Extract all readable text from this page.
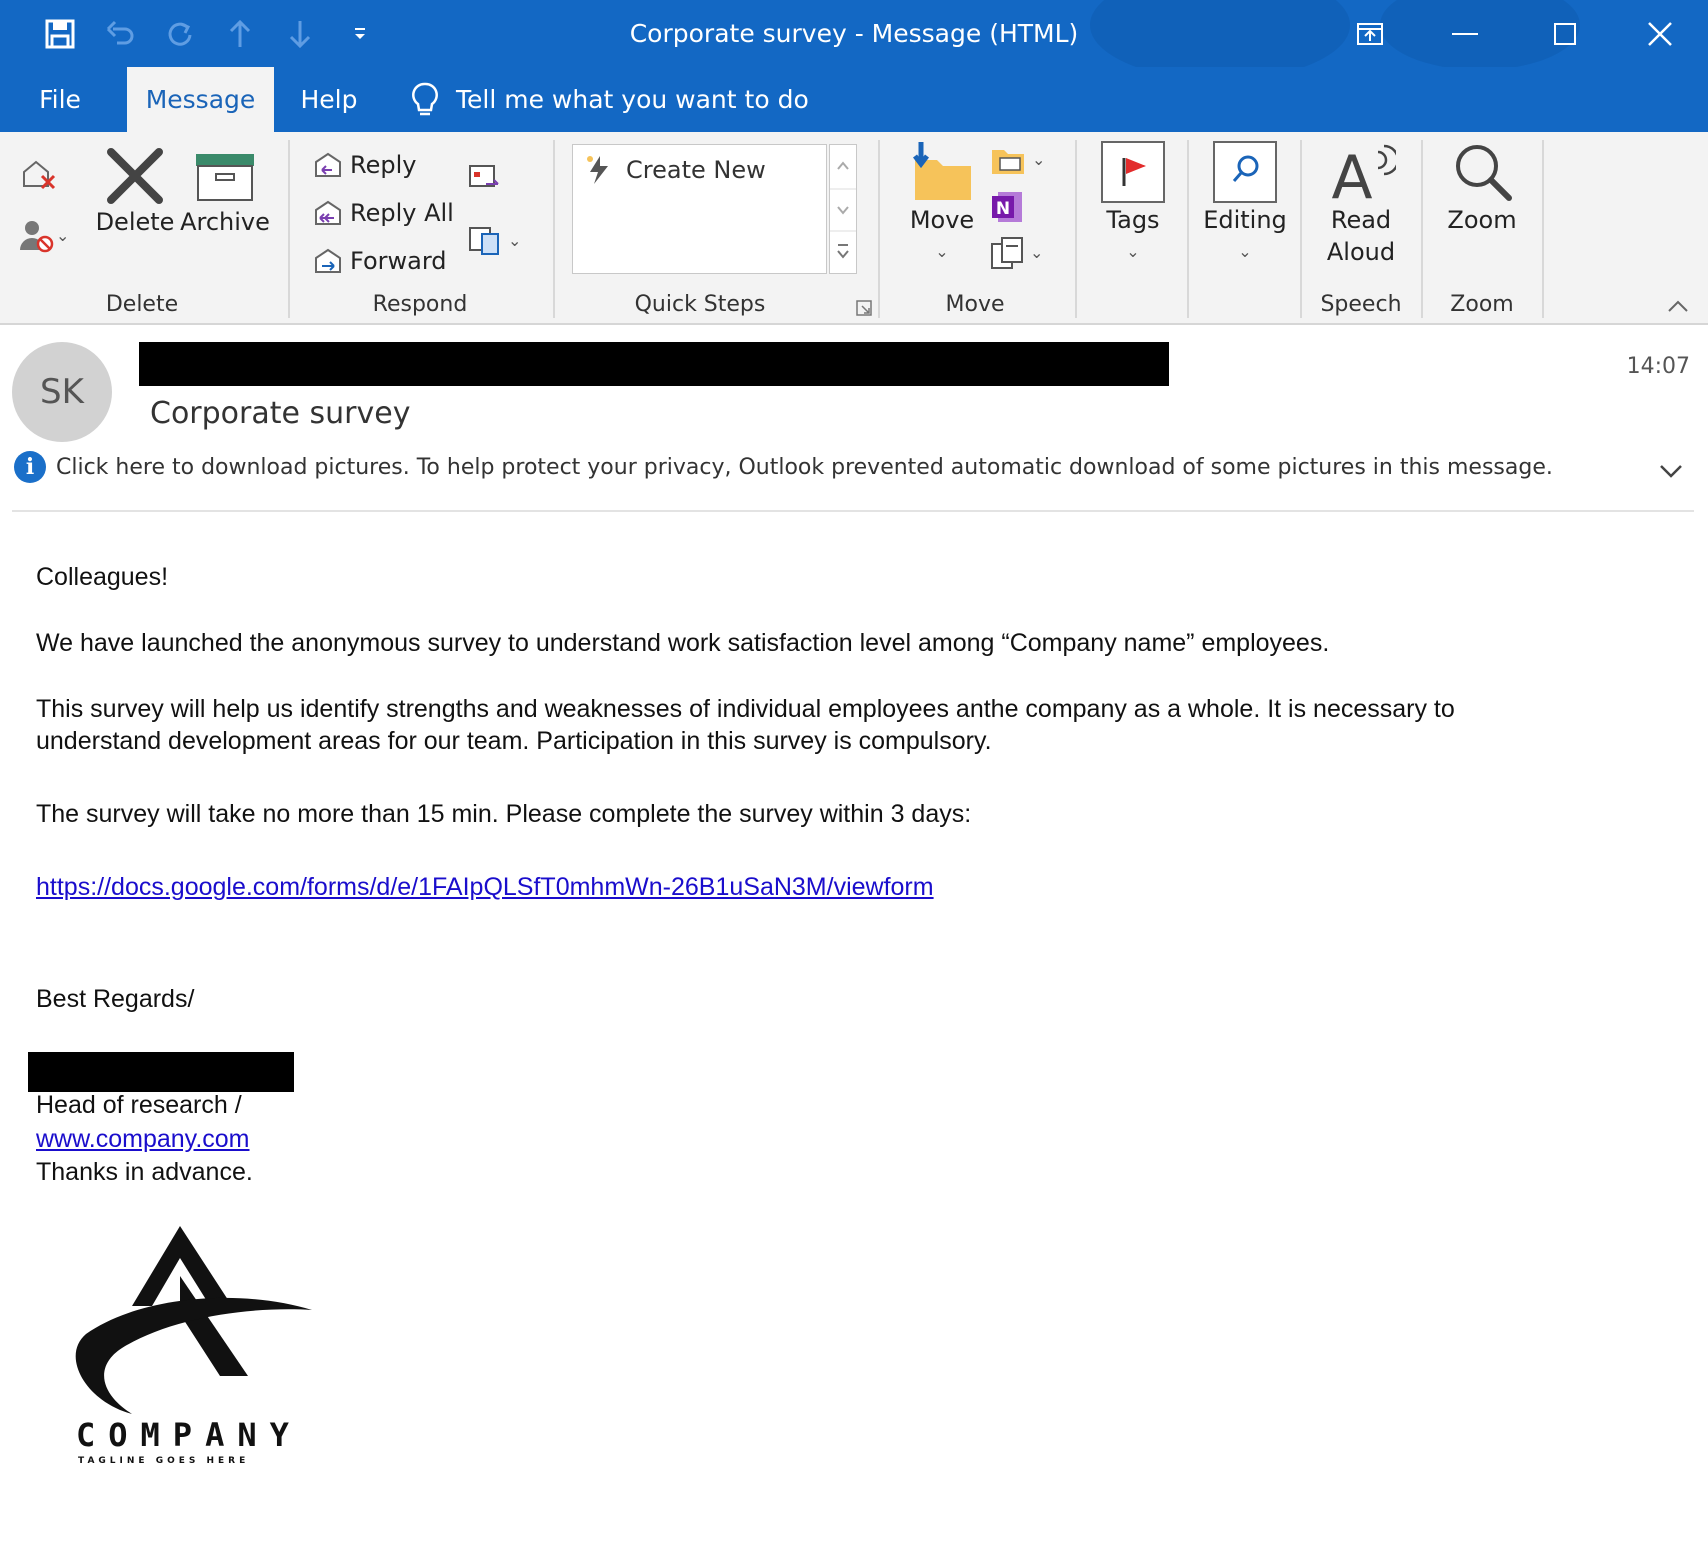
Corporate survey - Message (HTML)
File	Message	Help	Tell me what you want to do
⌄
Delete Archive
Delete
Reply
Reply All
Forward
⌄
Respond	Quick Steps
Move
⌄
⌄
N
⌄
Move
Tags
⌄
Editing
⌄
A
Read
Aloud
Speech
Zoom
Zoom
Create New
SK
Corporate survey
14:07
i Click here to download pictures. To help protect your privacy, Outlook prevented automatic download of some pictures in this message.
Colleagues!
We have launched the anonymous survey to understand work satisfaction level among “Company name” employees.
This survey will help us identify strengths and weaknesses of individual employees anthe company as a whole. It is necessary to
understand development areas for our team. Participation in this survey is compulsory.
The survey will take no more than 15 min. Please complete the survey within 3 days:
https://docs.google.com/forms/d/e/1FAIpQLSfT0mhmWn-26B1uSaN3M/viewform
Best Regards/
Head of research /
www.company.com
Thanks in advance.
COMPANY
TAGLINE GOES HERE
